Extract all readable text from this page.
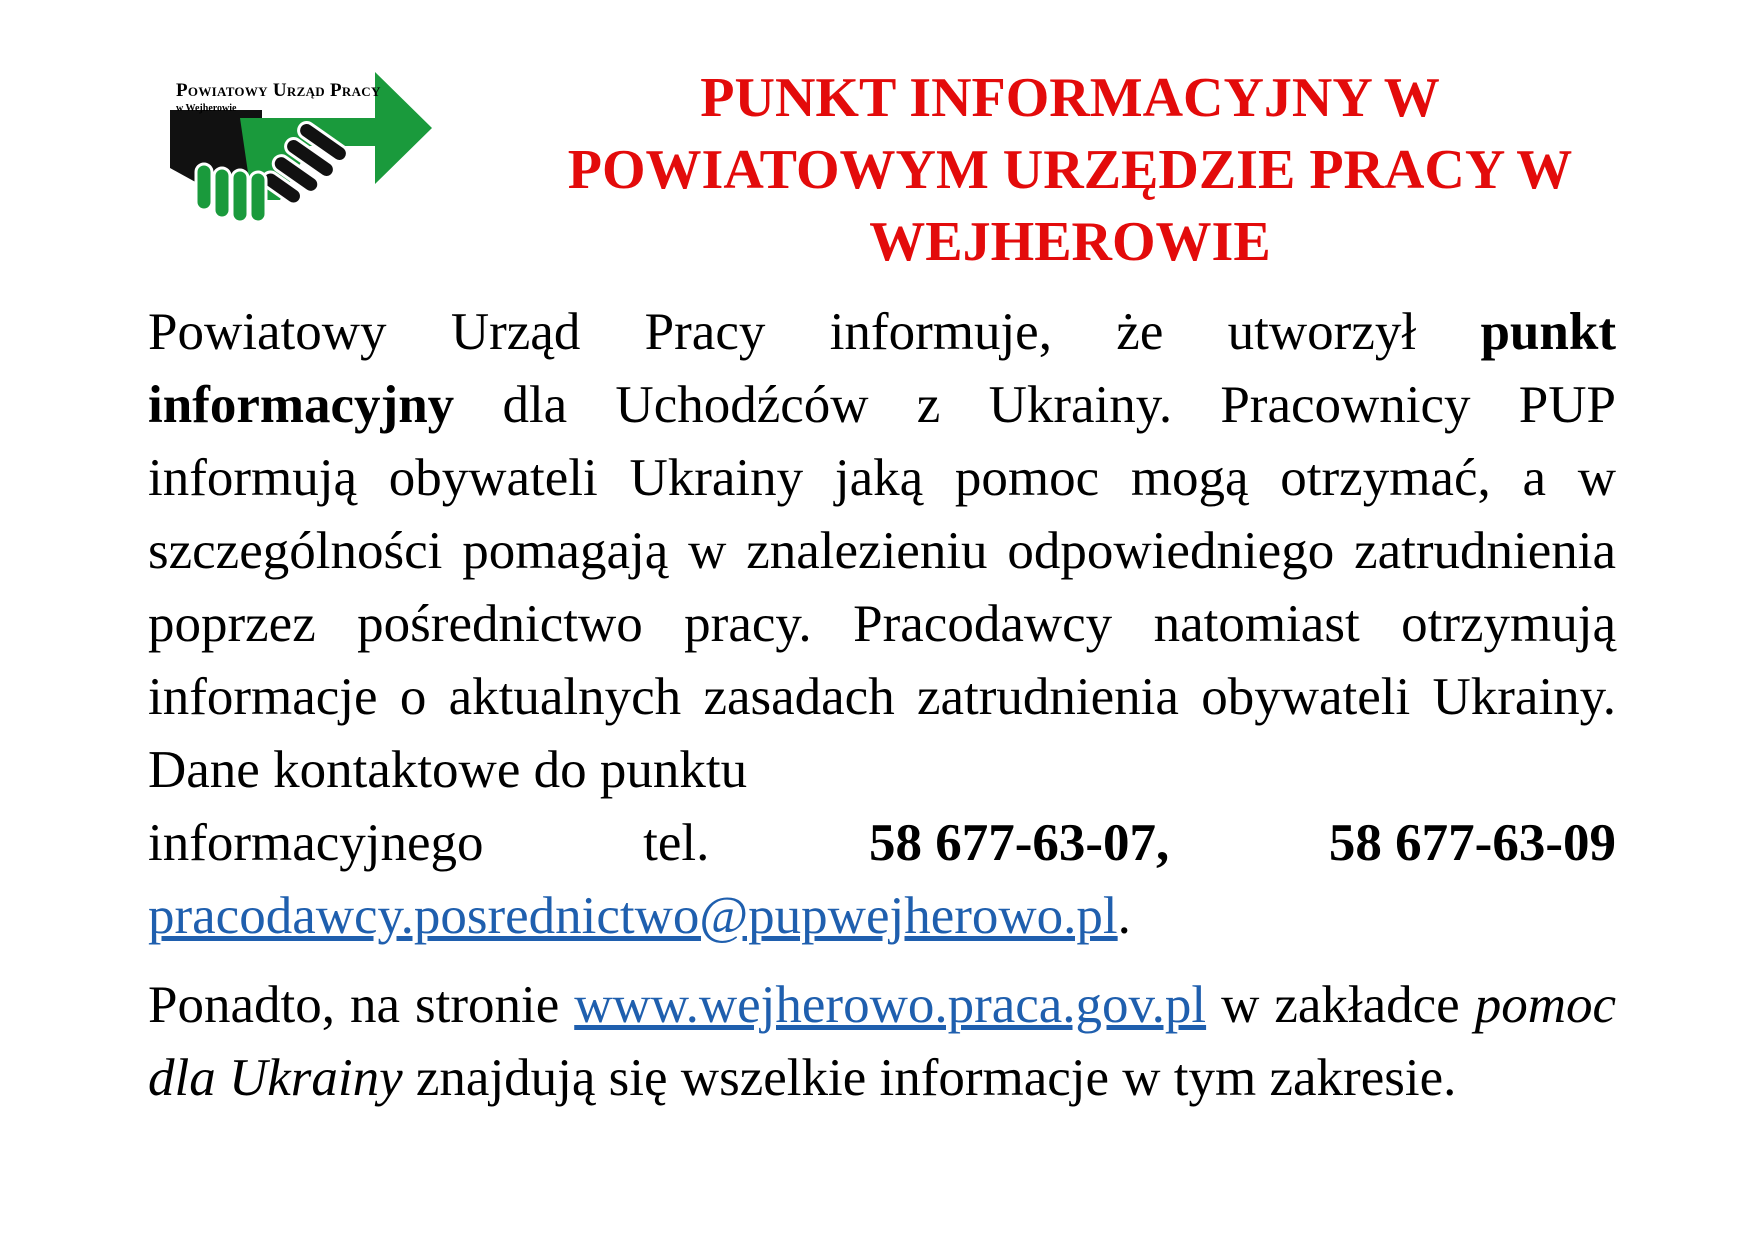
Powiatowy Urząd Pracy
w Wejherowie	PUNKT INFORMACYJNY W
POWIATOWYM URZĘDZIE PRACY W
WEJHEROWIE

Powiatowy Urząd Pracy informuje, że utworzył punkt informacyjny dla Uchodźców z Ukrainy. Pracownicy PUP informują obywateli Ukrainy jaką pomoc mogą otrzymać, a w szczególności pomagają w znalezieniu odpowiedniego zatrudnienia poprzez pośrednictwo pracy. Pracodawcy natomiast otrzymują informacje o aktualnych zasadach zatrudnienia obywateli Ukrainy. Dane kontaktowe do punktu
informacyjnego	tel.	58 677-63-07,	58 677-63-09
pracodawcy.posrednictwo@pupwejherowo.pl.

Ponadto, na stronie www.wejherowo.praca.gov.pl w zakładce pomoc dla Ukrainy znajdują się wszelkie informacje w tym zakresie.
